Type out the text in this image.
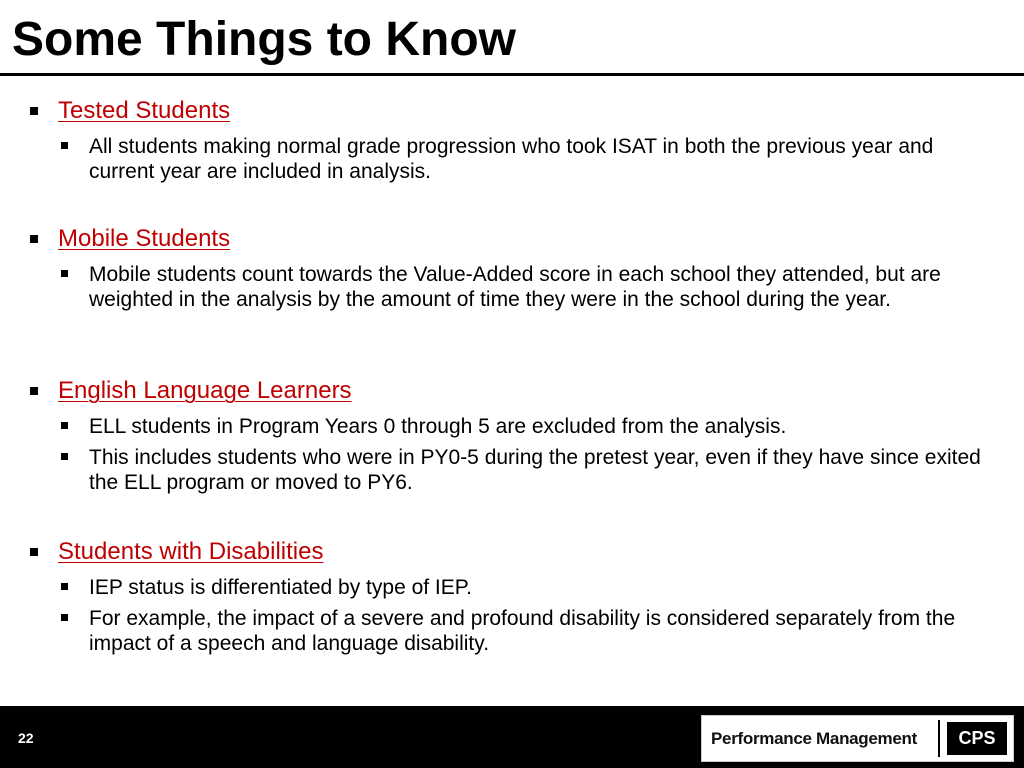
Some Things to Know
Tested Students
All students making normal grade progression who took ISAT in both the previous year and current year are included in analysis.
Mobile Students
Mobile students count towards the Value-Added score in each school they attended, but are weighted in the analysis by the amount of time they were in the school during the year.
English Language Learners
ELL students in Program Years 0 through 5 are excluded from the analysis.
This includes students who were in PY0-5 during the pretest year, even if they have since exited the ELL program or moved to PY6.
Students with Disabilities
IEP status is differentiated by type of IEP.
For example, the impact of a severe and profound disability is considered separately from the impact of a speech and language disability.
22	Performance Management	CPS
